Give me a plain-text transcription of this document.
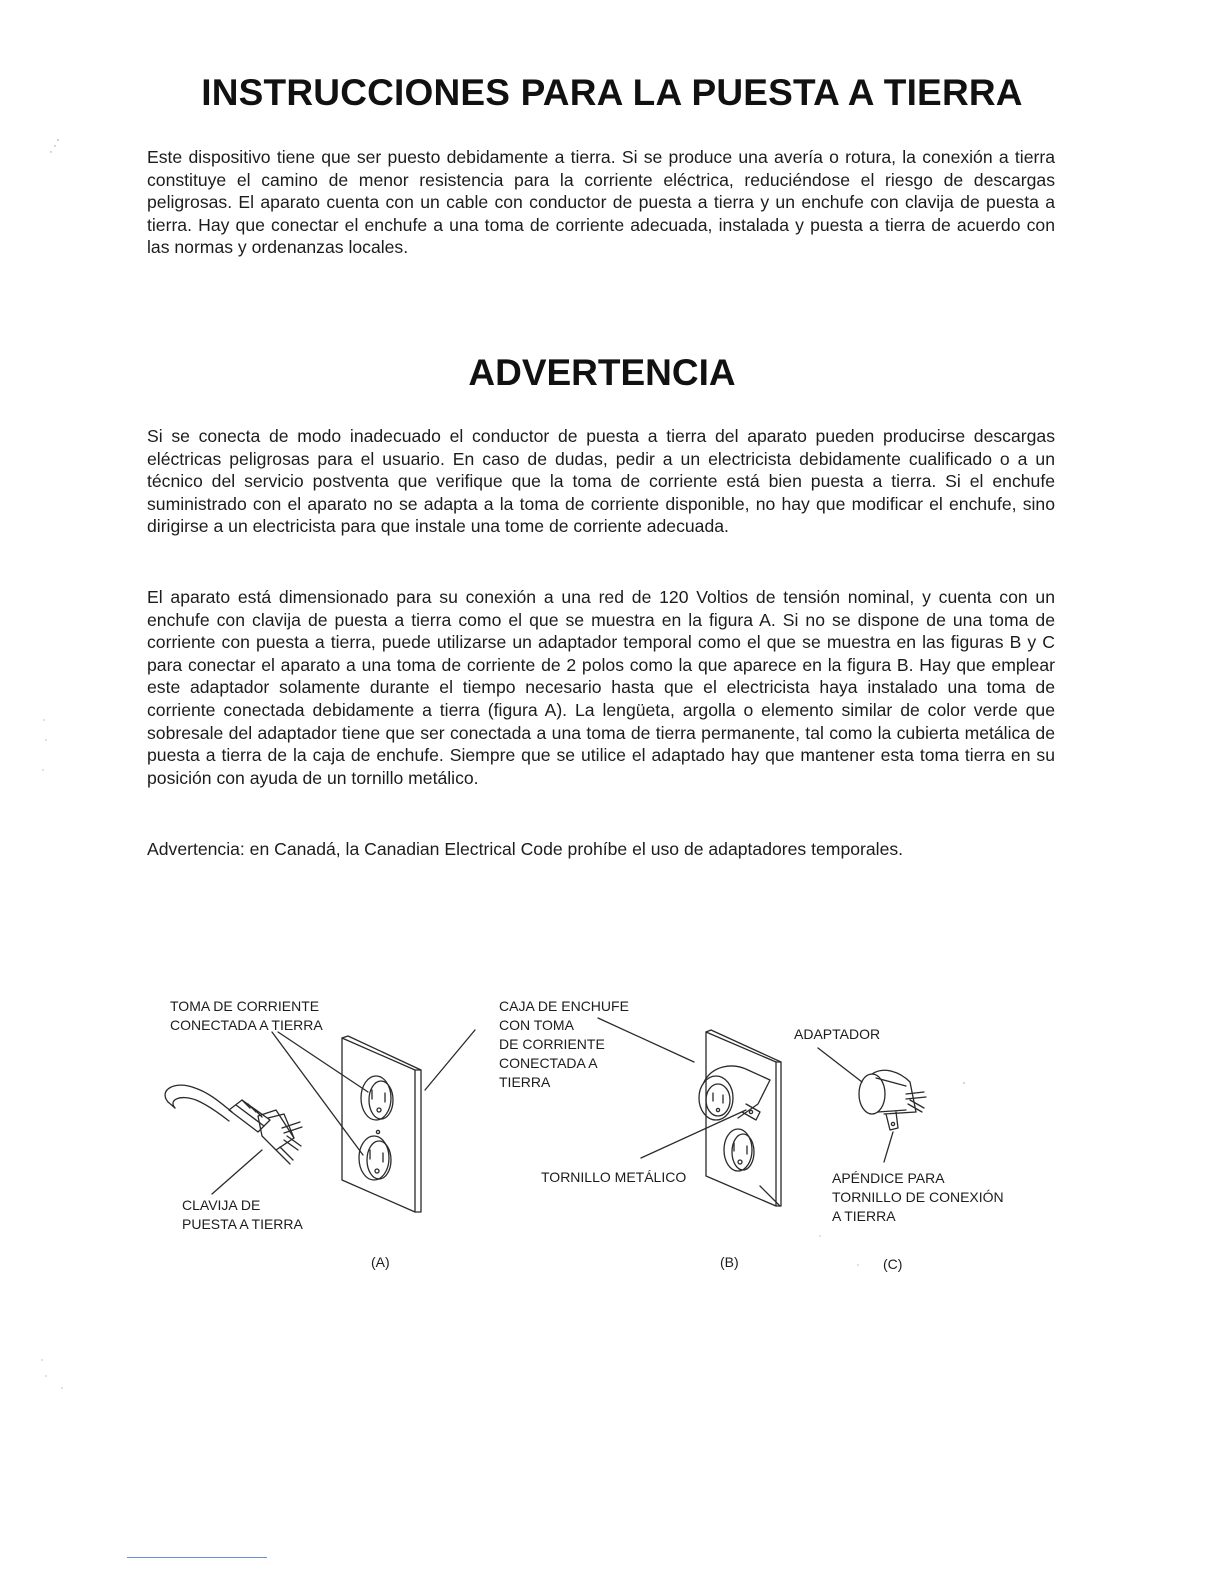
INSTRUCCIONES PARA LA PUESTA A TIERRA

Este dispositivo tiene que ser puesto debidamente a tierra. Si se produce una avería o rotura, la conexión a tierra constituye el camino de menor resistencia para la corriente eléctrica, reduciéndose el riesgo de descargas peligrosas. El aparato cuenta con un cable con conductor de puesta a tierra y un enchufe con clavija de puesta a tierra. Hay que conectar el enchufe a una toma de corriente adecuada, instalada y puesta a tierra de acuerdo con las normas y ordenanzas locales.

ADVERTENCIA

Si se conecta de modo inadecuado el conductor de puesta a tierra del aparato pueden producirse descargas eléctricas peligrosas para el usuario. En caso de dudas, pedir a un electricista debidamente cualificado o a un técnico del servicio postventa que verifique que la toma de corriente está bien puesta a tierra. Si el enchufe suministrado con el aparato no se adapta a la toma de corriente disponible, no hay que modificar el enchufe, sino dirigirse a un electricista para que instale una tome de corriente adecuada.

El aparato está dimensionado para su conexión a una red de 120 Voltios de tensión nominal, y cuenta con un enchufe con clavija de puesta a tierra como el que se muestra en la figura A. Si no se dispone de una toma de corriente con puesta a tierra, puede utilizarse un adaptador temporal como el que se muestra en las figuras B y C para conectar el aparato a una toma de corriente de 2 polos como la que aparece en la figura B. Hay que emplear este adaptador solamente durante el tiempo necesario hasta que el electricista haya instalado una toma de corriente conectada debidamente a tierra (figura A). La lengüeta, argolla o elemento similar de color verde que sobresale del adaptador tiene que ser conectada a una toma de tierra permanente, tal como la cubierta metálica de puesta a tierra de la caja de enchufe. Siempre que se utilice el adaptado hay que mantener esta toma tierra en su posición con ayuda de un tornillo metálico.

Advertencia: en Canadá, la Canadian Electrical Code prohíbe el uso de adaptadores temporales.

TOMA DE CORRIENTE
CONECTADA A TIERRA
CLAVIJA DE
PUESTA A TIERRA
CAJA DE ENCHUFE
CON TOMA
DE CORRIENTE
CONECTADA A
TIERRA
ADAPTADOR
TORNILLO METÁLICO	APÉNDICE PARA
TORNILLO DE CONEXIÓN
A TIERRA
(A)	(B)	(C)
